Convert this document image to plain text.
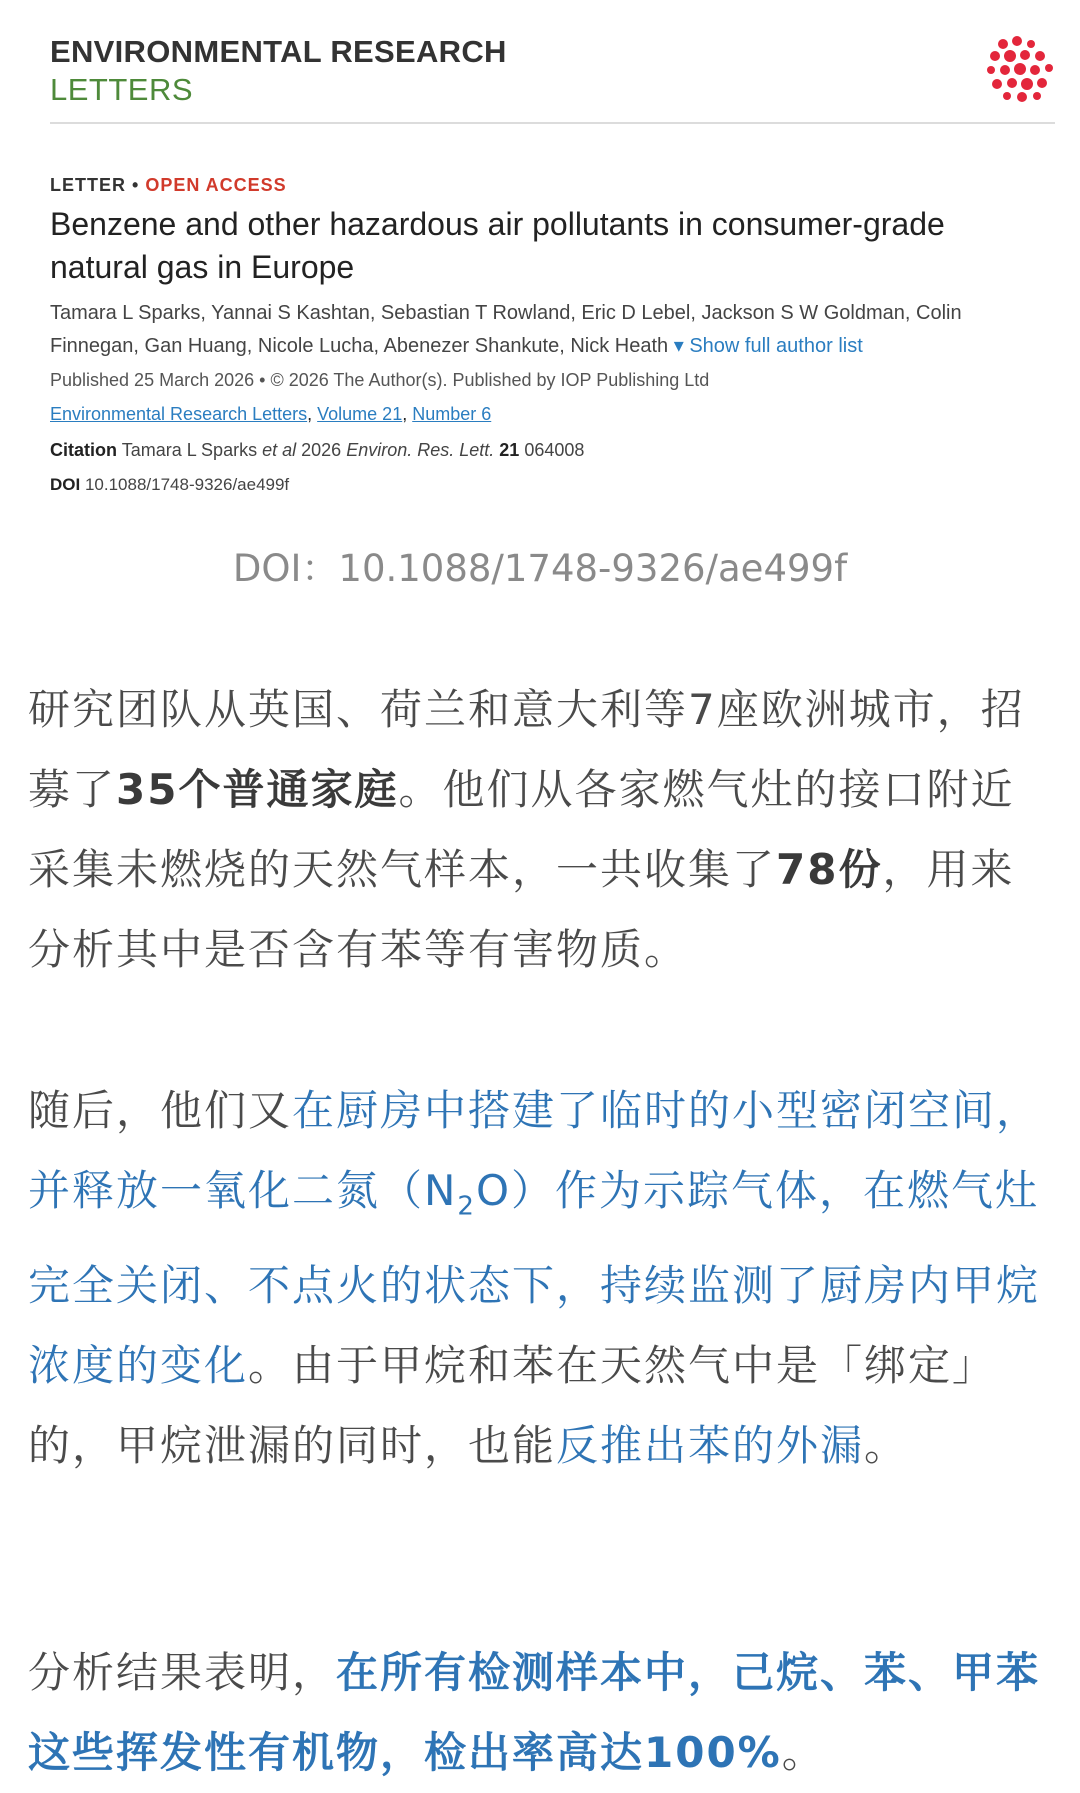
ENVIRONMENTAL RESEARCH
LETTERS
LETTER • OPEN ACCESS
Benzene and other hazardous air pollutants in consumer-grade natural gas in Europe
Tamara L Sparks, Yannai S Kashtan, Sebastian T Rowland, Eric D Lebel, Jackson S W Goldman, Colin Finnegan, Gan Huang, Nicole Lucha, Abenezer Shankute, Nick Heath ▾ Show full author list
Published 25 March 2026 • © 2026 The Author(s). Published by IOP Publishing Ltd
Environmental Research Letters, Volume 21, Number 6
Citation Tamara L Sparks et al 2026 Environ. Res. Lett. 21 064008
DOI 10.1088/1748-9326/ae499f
DOI：10.1088/1748-9326/ae499f
研究团队从英国、荷兰和意大利等7座欧洲城市，招募了35个普通家庭。他们从各家燃气灶的接口附近采集未燃烧的天然气样本，一共收集了78份，用来分析其中是否含有苯等有害物质。
随后，他们又在厨房中搭建了临时的小型密闭空间，并释放一氧化二氮$(N_2O)$作为示踪气体，在燃气灶完全关闭、不点火的状态下，持续监测了厨房内甲烷浓度的变化。由于甲烷和苯在天然气中是「绑定」的，甲烷泄漏的同时，也能反推出苯的外漏。
分析结果表明，在所有检测样本中，己烷、苯、甲苯这些挥发性有机物，检出率高达100%。
